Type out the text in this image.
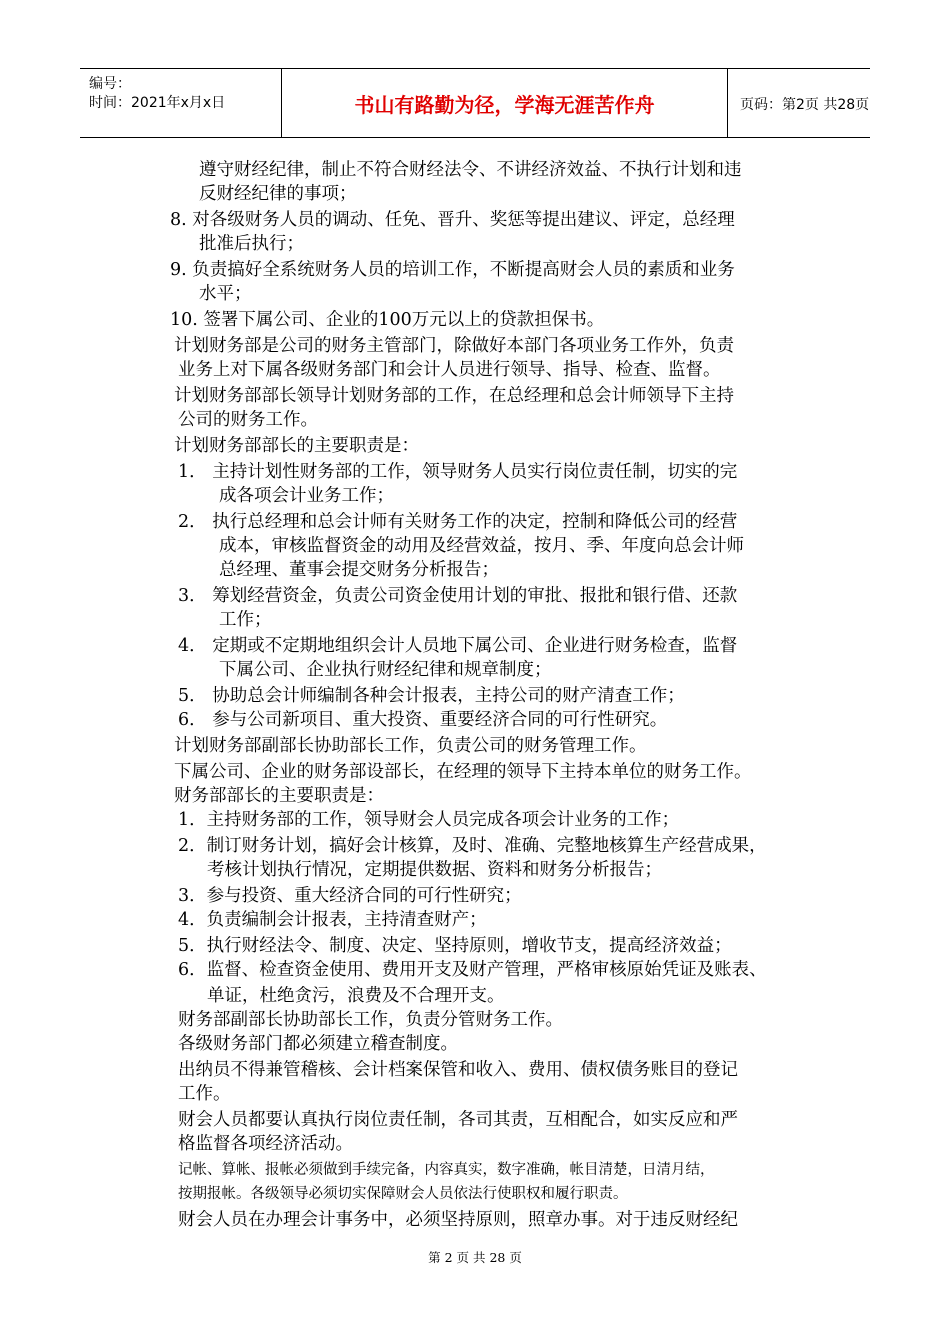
编号：
时间：2021年x月x日	书山有路勤为径，学海无涯苦作舟	页码：第2页 共28页
遵守财经纪律，制止不符合财经法令、不讲经济效益、不执行计划和违
反财经纪律的事项；
8. 对各级财务人员的调动、任免、晋升、奖惩等提出建议、评定，总经理
批准后执行；
9. 负责搞好全系统财务人员的培训工作，不断提高财会人员的素质和业务
水平；
10. 签署下属公司、企业的100万元以上的贷款担保书。
计划财务部是公司的财务主管部门，除做好本部门各项业务工作外，负责
业务上对下属各级财务部门和会计人员进行领导、指导、检查、监督。
计划财务部部长领导计划财务部的工作，在总经理和总会计师领导下主持
公司的财务工作。
计划财务部部长的主要职责是：
1． 主持计划性财务部的工作，领导财务人员实行岗位责任制，切实的完
成各项会计业务工作；
2． 执行总经理和总会计师有关财务工作的决定，控制和降低公司的经营
成本，审核监督资金的动用及经营效益，按月、季、年度向总会计师
总经理、董事会提交财务分析报告；
3． 筹划经营资金，负责公司资金使用计划的审批、报批和银行借、还款
工作；
4． 定期或不定期地组织会计人员地下属公司、企业进行财务检查，监督
下属公司、企业执行财经纪律和规章制度；
5． 协助总会计师编制各种会计报表，主持公司的财产清查工作；
6． 参与公司新项目、重大投资、重要经济合同的可行性研究。
计划财务部副部长协助部长工作，负责公司的财务管理工作。
下属公司、企业的财务部设部长，在经理的领导下主持本单位的财务工作。
财务部部长的主要职责是：
1．主持财务部的工作，领导财会人员完成各项会计业务的工作；
2．制订财务计划，搞好会计核算，及时、准确、完整地核算生产经营成果，
考核计划执行情况，定期提供数据、资料和财务分析报告；
3．参与投资、重大经济合同的可行性研究；
4．负责编制会计报表，主持清查财产；
5．执行财经法令、制度、决定、坚持原则，增收节支，提高经济效益；
6．监督、检查资金使用、费用开支及财产管理，严格审核原始凭证及账表、
单证，杜绝贪污，浪费及不合理开支。
财务部副部长协助部长工作，负责分管财务工作。
各级财务部门都必须建立稽查制度。
出纳员不得兼管稽核、会计档案保管和收入、费用、债权债务账目的登记
工作。
财会人员都要认真执行岗位责任制，各司其责，互相配合，如实反应和严
格监督各项经济活动。
记帐、算帐、报帐必须做到手续完备，内容真实，数字准确，帐目清楚，日清月结，
按期报帐。各级领导必须切实保障财会人员依法行使职权和履行职责。
财会人员在办理会计事务中，必须坚持原则，照章办事。对于违反财经纪
第 2 页 共 28 页
